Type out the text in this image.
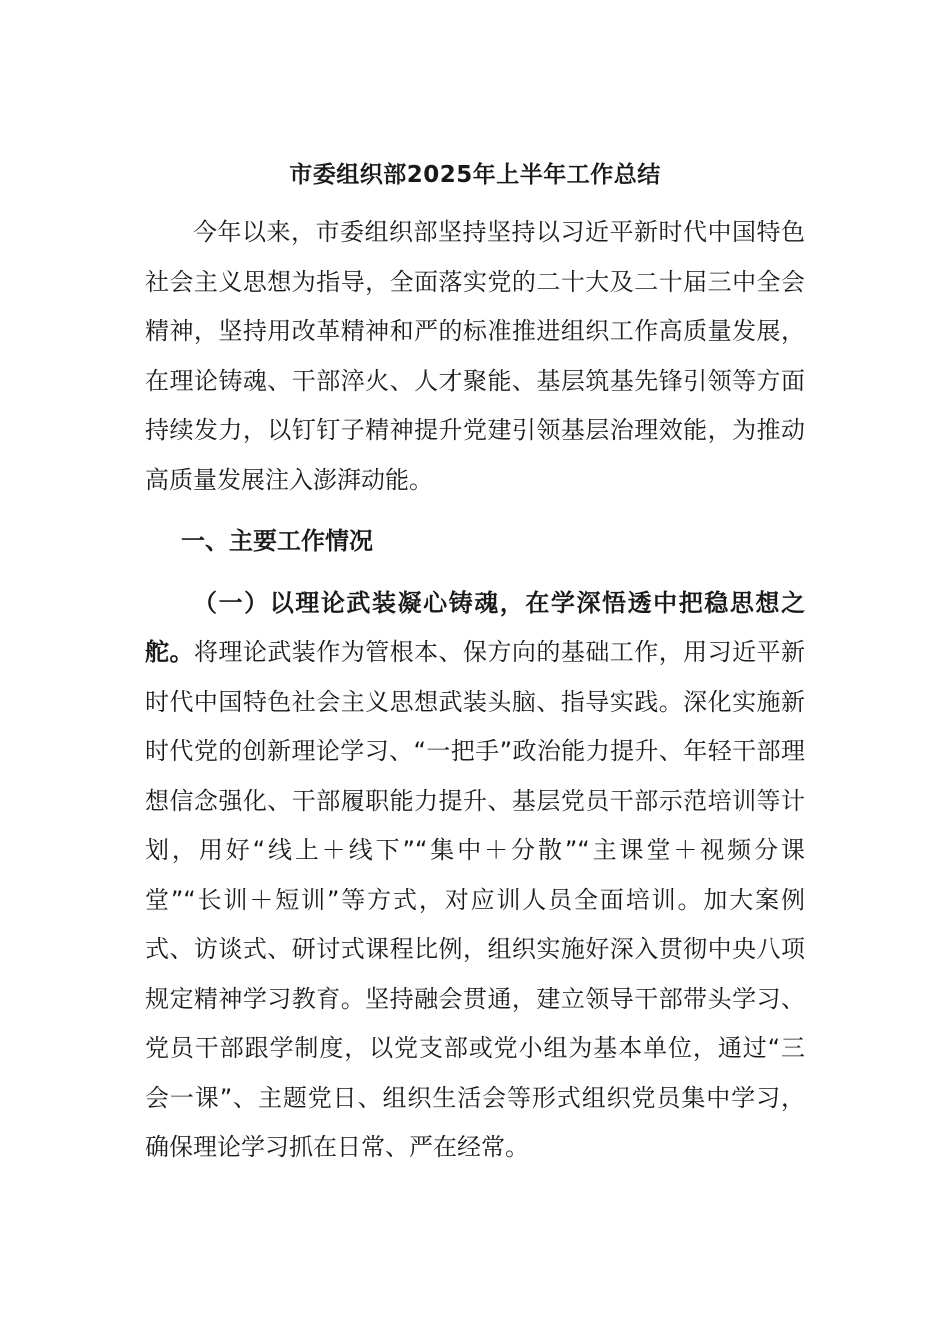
市委组织部2025年上半年工作总结

今年以来，市委组织部坚持坚持以习近平新时代中国特色社会主义思想为指导，全面落实党的二十大及二十届三中全会精神，坚持用改革精神和严的标准推进组织工作高质量发展，在理论铸魂、干部淬火、人才聚能、基层筑基先锋引领等方面持续发力，以钉钉子精神提升党建引领基层治理效能，为推动高质量发展注入澎湃动能。

一、主要工作情况

（一）以理论武装凝心铸魂，在学深悟透中把稳思想之舵。将理论武装作为管根本、保方向的基础工作，用习近平新时代中国特色社会主义思想武装头脑、指导实践。深化实施新时代党的创新理论学习、“一把手”政治能力提升、年轻干部理想信念强化、干部履职能力提升、基层党员干部示范培训等计划，用好“线上＋线下”“集中＋分散”“主课堂＋视频分课堂”“长训＋短训”等方式，对应训人员全面培训。加大案例式、访谈式、研讨式课程比例，组织实施好深入贯彻中央八项规定精神学习教育。坚持融会贯通，建立领导干部带头学习、党员干部跟学制度，以党支部或党小组为基本单位，通过“三会一课”、主题党日、组织生活会等形式组织党员集中学习，确保理论学习抓在日常、严在经常。
